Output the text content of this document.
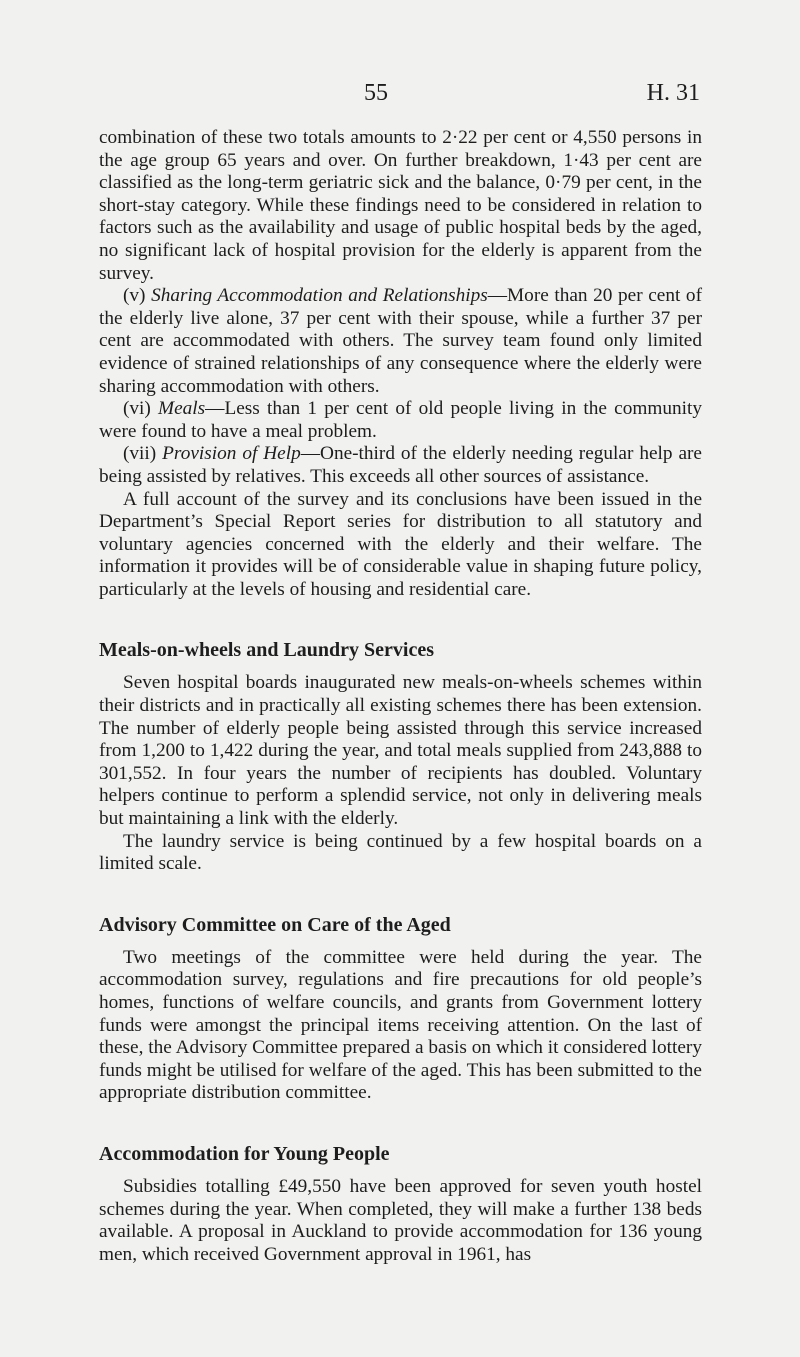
55	H. 31

combination of these two totals amounts to 2·22 per cent or 4,550 persons in the age group 65 years and over. On further breakdown, 1·43 per cent are classified as the long-term geriatric sick and the balance, 0·79 per cent, in the short-stay category. While these findings need to be considered in relation to factors such as the availability and usage of public hospital beds by the aged, no significant lack of hospital provision for the elderly is apparent from the survey.

(v) Sharing Accommodation and Relationships—More than 20 per cent of the elderly live alone, 37 per cent with their spouse, while a further 37 per cent are accommodated with others. The survey team found only limited evidence of strained relationships of any consequence where the elderly were sharing accommodation with others.

(vi) Meals—Less than 1 per cent of old people living in the community were found to have a meal problem.

(vii) Provision of Help—One-third of the elderly needing regular help are being assisted by relatives. This exceeds all other sources of assistance.

A full account of the survey and its conclusions have been issued in the Department’s Special Report series for distribution to all statutory and voluntary agencies concerned with the elderly and their welfare. The information it provides will be of considerable value in shaping future policy, particularly at the levels of housing and residential care.

Meals-on-wheels and Laundry Services

Seven hospital boards inaugurated new meals-on-wheels schemes within their districts and in practically all existing schemes there has been extension. The number of elderly people being assisted through this service increased from 1,200 to 1,422 during the year, and total meals supplied from 243,888 to 301,552. In four years the number of recipients has doubled. Voluntary helpers continue to perform a splendid service, not only in delivering meals but maintaining a link with the elderly.

The laundry service is being continued by a few hospital boards on a limited scale.

Advisory Committee on Care of the Aged

Two meetings of the committee were held during the year. The accommodation survey, regulations and fire precautions for old people’s homes, functions of welfare councils, and grants from Government lottery funds were amongst the principal items receiving attention. On the last of these, the Advisory Committee prepared a basis on which it considered lottery funds might be utilised for welfare of the aged. This has been submitted to the appropriate distribution committee.

Accommodation for Young People

Subsidies totalling £49,550 have been approved for seven youth hostel schemes during the year. When completed, they will make a further 138 beds available. A proposal in Auckland to provide accommodation for 136 young men, which received Government approval in 1961, has
